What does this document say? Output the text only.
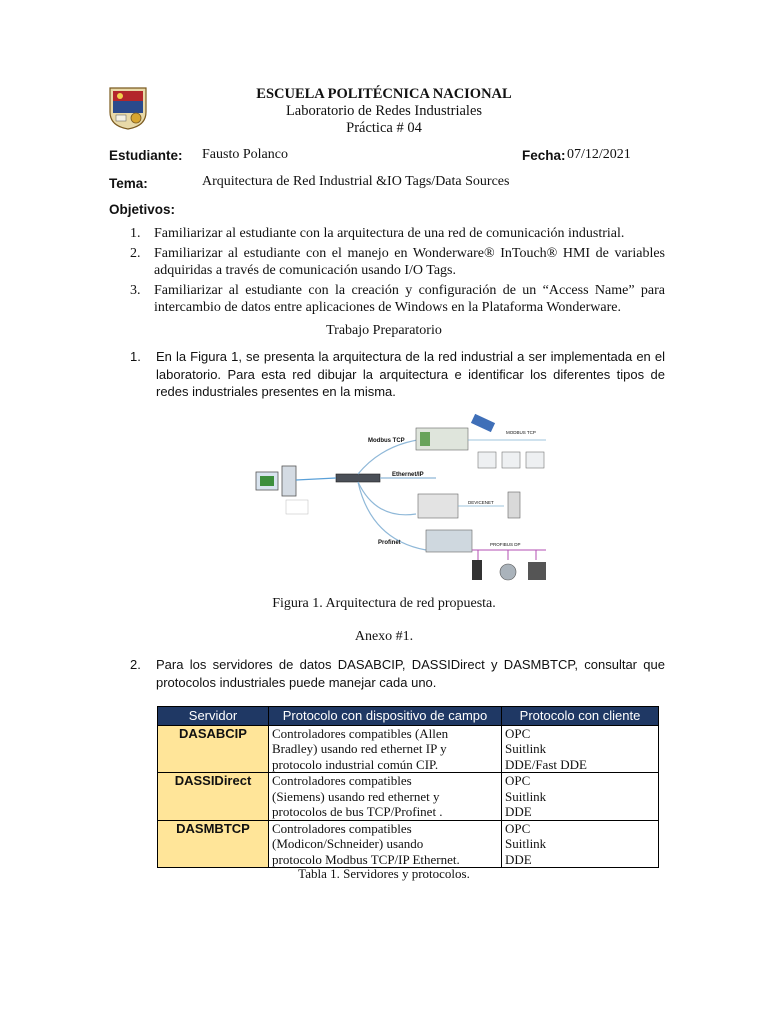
ESCUELA POLITÉCNICA NACIONAL
Laboratorio de Redes Industriales
Práctica # 04
Estudiante: Fausto Polanco	Fecha: 07/12/2021
Tema:	Arquitectura de Red Industrial &IO Tags/Data Sources
Objetivos:
1. Familiarizar al estudiante con la arquitectura de una red de comunicación industrial.
2. Familiarizar al estudiante con el manejo en Wonderware® InTouch® HMI de variables adquiridas a través de comunicación usando I/O Tags.
3. Familiarizar al estudiante con la creación y configuración de un “Access Name” para intercambio de datos entre aplicaciones de Windows en la Plataforma Wonderware.
Trabajo Preparatorio
1.	En la Figura 1, se presenta la arquitectura de la red industrial a ser implementada en el laboratorio. Para esta red dibujar la arquitectura e identificar los diferentes tipos de redes industriales presentes en la misma.
Modbus TCP
MODBUS TCP
Ethernet/IP
DEVICENET
Profinet	PROFIBUS DP
Figura 1. Arquitectura de red propuesta.
Anexo #1.
2.	Para los servidores de datos DASABCIP, DASSIDirect y DASMBTCP, consultar que protocolos industriales puede manejar cada uno.
Servidor	Protocolo con dispositivo de campo	Protocolo con cliente
DASABCIP	Controladores compatibles (Allen
Bradley) usando red ethernet IP y
protocolo industrial común CIP.	OPC
Suitlink
DDE/Fast DDE

DASSIDirect	Controladores compatibles
(Siemens) usando red ethernet y
protocolos de bus TCP/Profinet .	OPC
Suitlink
DDE

DASMBTCP	Controladores compatibles
(Modicon/Schneider) usando
protocolo Modbus TCP/IP Ethernet.	OPC
Suitlink
DDE
Tabla 1. Servidores y protocolos.
